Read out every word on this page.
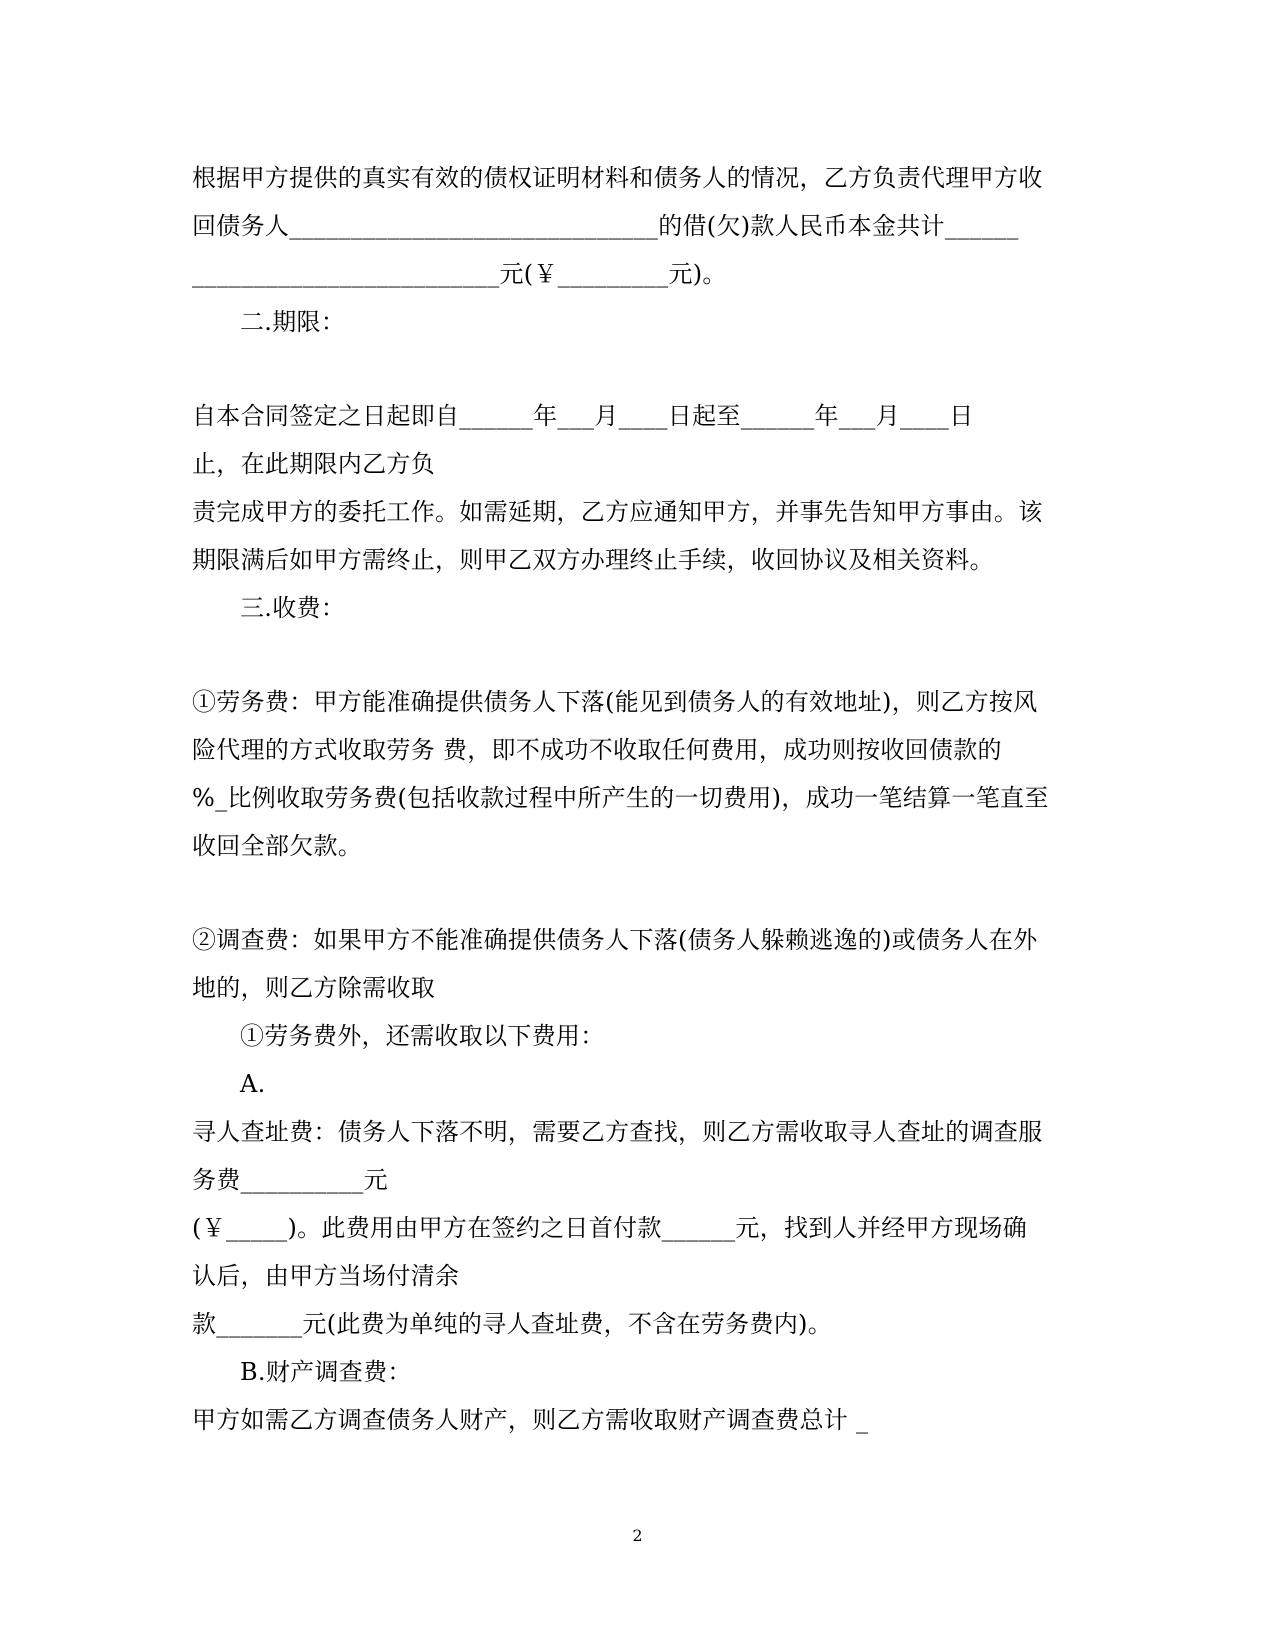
根据甲方提供的真实有效的债权证明材料和债务人的情况，乙方负责代理甲方收
回债务人______________________________的借(欠)款人民币本金共计______
_________________________元(￥_________元)。
二.期限：
自本合同签定之日起即自______年___月____日起至______年___月____日
止，在此期限内乙方负
责完成甲方的委托工作。如需延期，乙方应通知甲方，并事先告知甲方事由。该
期限满后如甲方需终止，则甲乙双方办理终止手续，收回协议及相关资料。
三.收费：
①劳务费：甲方能准确提供债务人下落(能见到债务人的有效地址)，则乙方按风
险代理的方式收取劳务 费，即不成功不收取任何费用，成功则按收回债款的
%_比例收取劳务费(包括收款过程中所产生的一切费用)，成功一笔结算一笔直至
收回全部欠款。
②调查费：如果甲方不能准确提供债务人下落(债务人躲赖逃逸的)或债务人在外
地的，则乙方除需收取
①劳务费外，还需收取以下费用：
A.
寻人查址费：债务人下落不明，需要乙方查找，则乙方需收取寻人查址的调查服
务费__________元
(￥_____)。此费用由甲方在签约之日首付款______元，找到人并经甲方现场确
认后，由甲方当场付清余
款_______元(此费为单纯的寻人查址费，不含在劳务费内)。
B.财产调查费：
甲方如需乙方调查债务人财产，则乙方需收取财产调查费总计 _
2
